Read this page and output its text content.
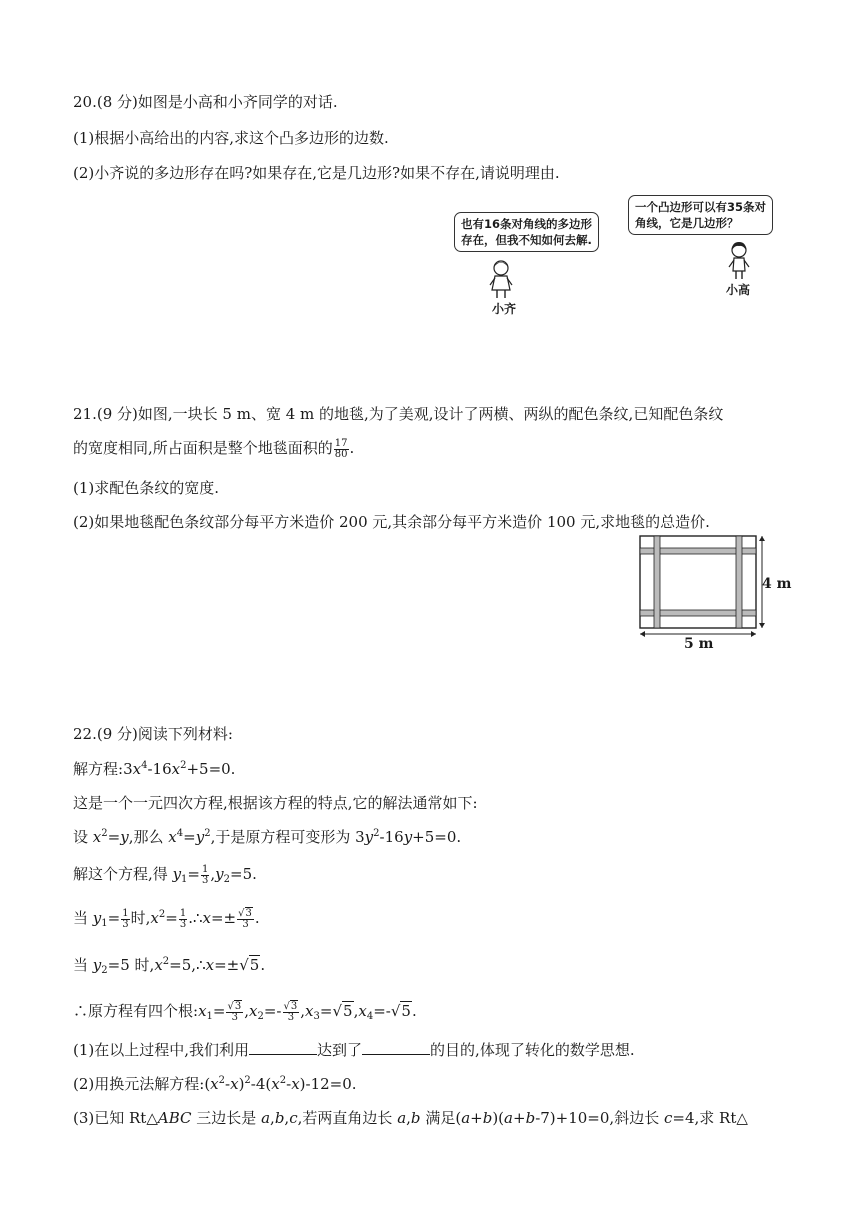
20.(8 分)如图是小高和小齐同学的对话.
(1)根据小高给出的内容,求这个凸多边形的边数.
(2)小齐说的多边形存在吗?如果存在,它是几边形?如果不存在,请说明理由.
也有16条对角线的多边形
存在，但我不知如何去解.
一个凸边形可以有35条对
角线，它是几边形？
小齐
小高
21.(9 分)如图,一块长 5 m、宽 4 m 的地毯,为了美观,设计了两横、两纵的配色条纹,已知配色条纹
的宽度相同,所占面积是整个地毯面积的 $\frac{17}{80}$ .
(1)求配色条纹的宽度.
(2)如果地毯配色条纹部分每平方米造价 200 元,其余部分每平方米造价 100 元,求地毯的总造价.
4 m
5 m
22.(9 分)阅读下列材料:
解方程$:3x^4-16x^2+5=0$.
这是一个一元四次方程,根据该方程的特点,它的解法通常如下:
设 $x^2=y$,那么 $x^4=y^2$,于是原方程可变形为 $3y^2-16y+5=0$.
解这个方程,得 $y_1= \frac{1}{3} ,y_2=5$.
当 $y_1= \frac{1}{3}$ 时$,x^2= \frac{1}{3}$ .∴x=± $\frac{√3}{3}$ .
当 $y_2=5$ 时$,x^2=5,\therefore x=\pm√5$.
∴原方程有四个根$:x_1= \frac{√3}{3} ,x_2=- \frac{√3}{3} ,x_3=√5,x_4=-√5$.
(1)在以上过程中,我们利用	达到了	的目的,体现了转化的数学思想.
(2)用换元法解方程$:(x^2-x)^2-4(x^2-x)-12=0$.
(3)已知 Rt△ABC 三边长是 a,b,c,若两直角边长 a,b 满足(a+b)(a+b-7)+10=0,斜边长 c=4,求 Rt△
